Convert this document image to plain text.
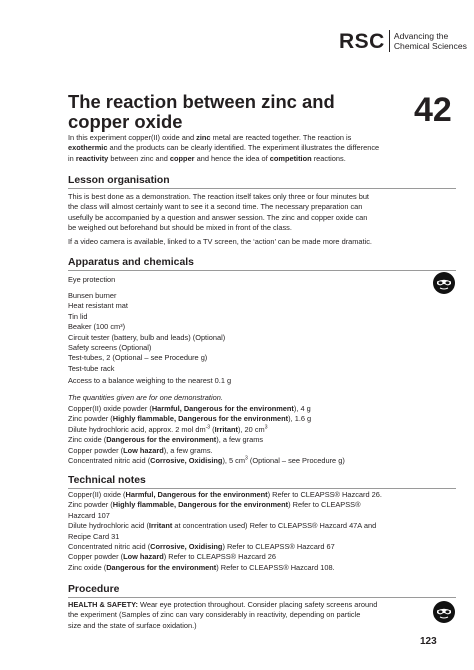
RSC Advancing the
Chemical Sciences
The reaction between zinc and
copper oxide	42
In this experiment copper(II) oxide and zinc metal are reacted together. The reaction is
exothermic and the products can be clearly identified. The experiment illustrates the difference
in reactivity between zinc and copper and hence the idea of competition reactions.
Lesson organisation
This is best done as a demonstration. The reaction itself takes only three or four minutes but
the class will almost certainly want to see it a second time. The necessary preparation can
usefully be accompanied by a question and answer session. The zinc and copper oxide can
be weighed out beforehand but should be mixed in front of the class.
If a video camera is available, linked to a TV screen, the ‘action’ can be made more dramatic.
Apparatus and chemicals
Eye protection
Bunsen burner
Heat resistant mat
Tin lid
Beaker (100 cm³)
Circuit tester (battery, bulb and leads) (Optional)
Safety screens (Optional)
Test-tubes, 2 (Optional – see Procedure g)
Test-tube rack
Access to a balance weighing to the nearest 0.1 g
The quantities given are for one demonstration.
Copper(II) oxide powder (Harmful, Dangerous for the environment), 4 g
Zinc powder (Highly flammable, Dangerous for the environment), 1.6 g
Dilute hydrochloric acid, approx. 2 mol $dm^{-3}$ (Irritant), 20 $cm^3$
Zinc oxide (Dangerous for the environment), a few grams
Copper powder (Low hazard), a few grams.
Concentrated nitric acid (Corrosive, Oxidising), 5 $cm^3$ (Optional – see Procedure g)
Technical notes
Copper(II) oxide (Harmful, Dangerous for the environment) Refer to CLEAPSS® Hazcard 26.
Zinc powder (Highly flammable, Dangerous for the environment) Refer to CLEAPSS®
Hazcard 107
Dilute hydrochloric acid (Irritant at concentration used) Refer to CLEAPSS® Hazcard 47A and
Recipe Card 31
Concentrated nitric acid (Corrosive, Oxidising) Refer to CLEAPSS® Hazcard 67
Copper powder (Low hazard) Refer to CLEAPSS® Hazcard 26
Zinc oxide (Dangerous for the environment) Refer to CLEAPSS® Hazcard 108.
Procedure
HEALTH & SAFETY: Wear eye protection throughout. Consider placing safety screens around
the experiment (Samples of zinc can vary considerably in reactivity, depending on particle
size and the state of surface oxidation.)
123
